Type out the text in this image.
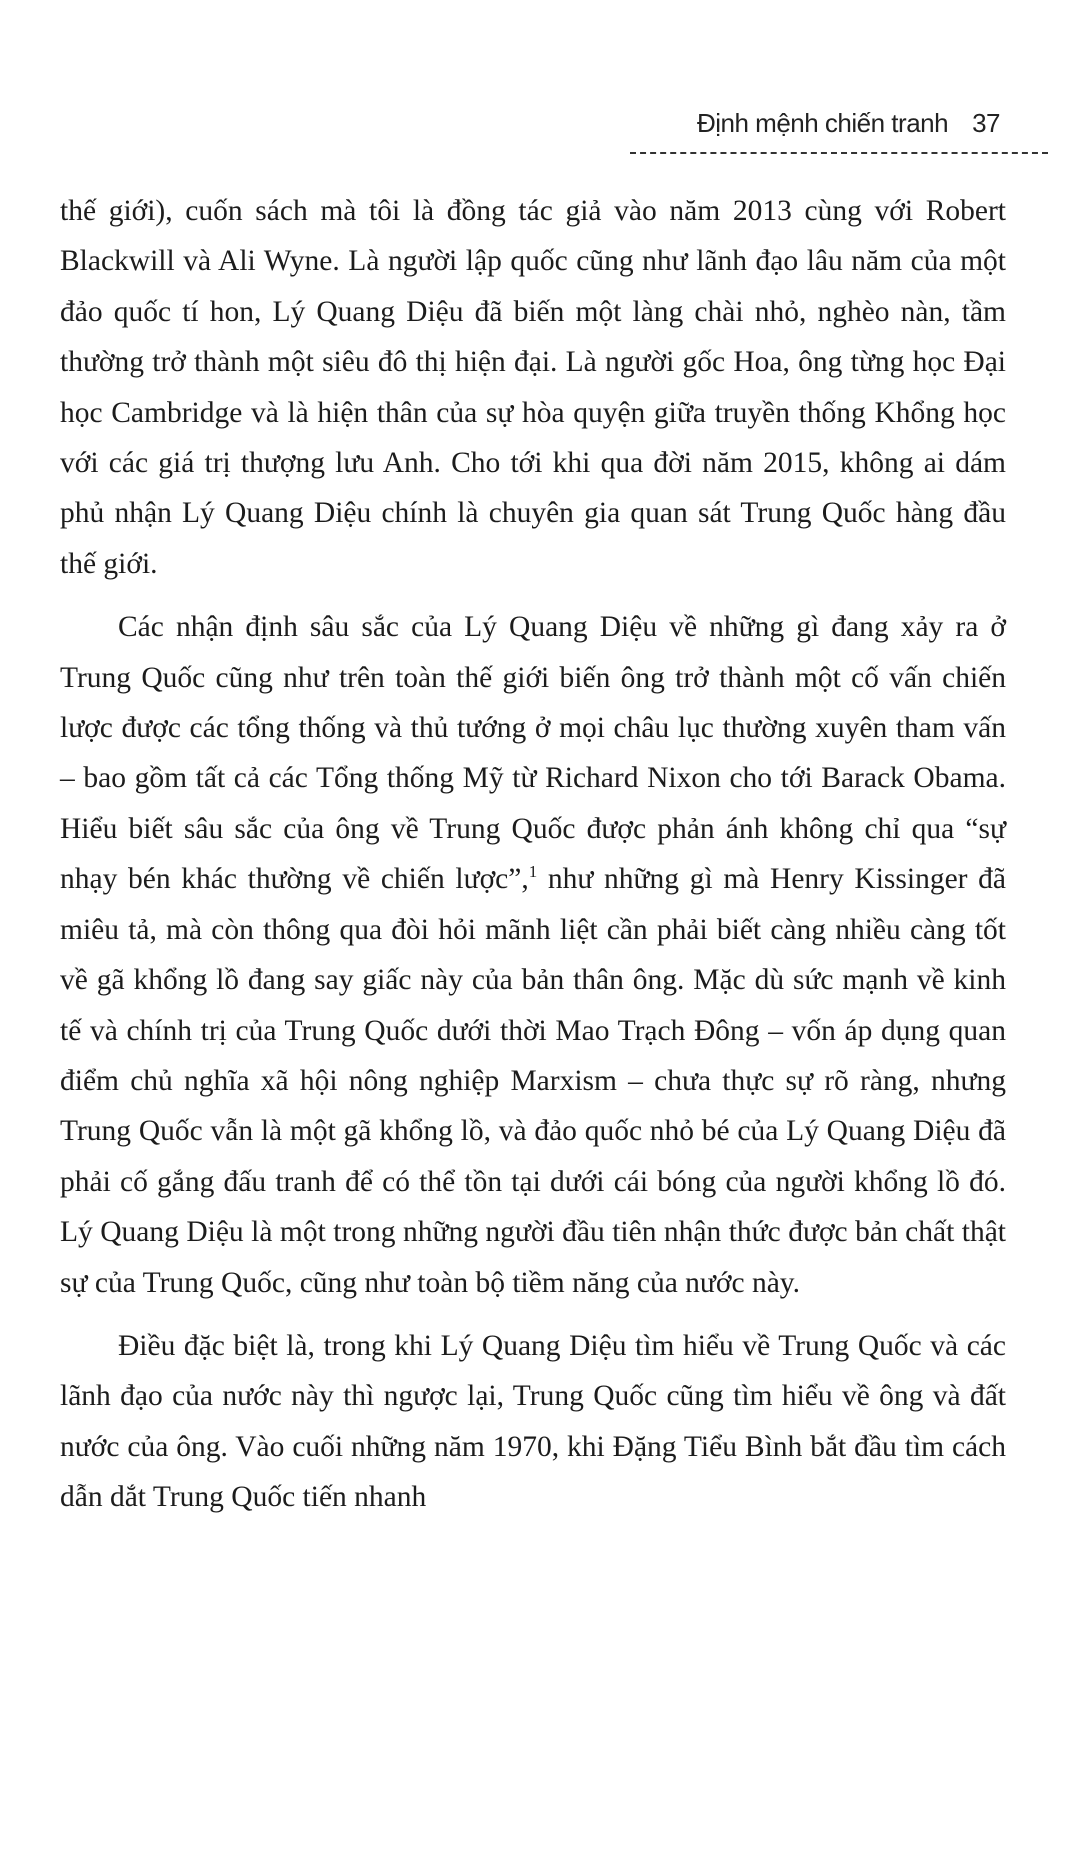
Định mệnh chiến tranh 37

thế giới), cuốn sách mà tôi là đồng tác giả vào năm 2013 cùng với Robert Blackwill và Ali Wyne. Là người lập quốc cũng như lãnh đạo lâu năm của một đảo quốc tí hon, Lý Quang Diệu đã biến một làng chài nhỏ, nghèo nàn, tầm thường trở thành một siêu đô thị hiện đại. Là người gốc Hoa, ông từng học Đại học Cambridge và là hiện thân của sự hòa quyện giữa truyền thống Khổng học với các giá trị thượng lưu Anh. Cho tới khi qua đời năm 2015, không ai dám phủ nhận Lý Quang Diệu chính là chuyên gia quan sát Trung Quốc hàng đầu thế giới.

Các nhận định sâu sắc của Lý Quang Diệu về những gì đang xảy ra ở Trung Quốc cũng như trên toàn thế giới biến ông trở thành một cố vấn chiến lược được các tổng thống và thủ tướng ở mọi châu lục thường xuyên tham vấn – bao gồm tất cả các Tổng thống Mỹ từ Richard Nixon cho tới Barack Obama. Hiểu biết sâu sắc của ông về Trung Quốc được phản ánh không chỉ qua “sự nhạy bén khác thường về chiến lược”,$^1$ như những gì mà Henry Kissinger đã miêu tả, mà còn thông qua đòi hỏi mãnh liệt cần phải biết càng nhiều càng tốt về gã khổng lồ đang say giấc này của bản thân ông. Mặc dù sức mạnh về kinh tế và chính trị của Trung Quốc dưới thời Mao Trạch Đông – vốn áp dụng quan điểm chủ nghĩa xã hội nông nghiệp Marxism – chưa thực sự rõ ràng, nhưng Trung Quốc vẫn là một gã khổng lồ, và đảo quốc nhỏ bé của Lý Quang Diệu đã phải cố gắng đấu tranh để có thể tồn tại dưới cái bóng của người khổng lồ đó. Lý Quang Diệu là một trong những người đầu tiên nhận thức được bản chất thật sự của Trung Quốc, cũng như toàn bộ tiềm năng của nước này.

Điều đặc biệt là, trong khi Lý Quang Diệu tìm hiểu về Trung Quốc và các lãnh đạo của nước này thì ngược lại, Trung Quốc cũng tìm hiểu về ông và đất nước của ông. Vào cuối những năm 1970, khi Đặng Tiểu Bình bắt đầu tìm cách dẫn dắt Trung Quốc tiến nhanh
